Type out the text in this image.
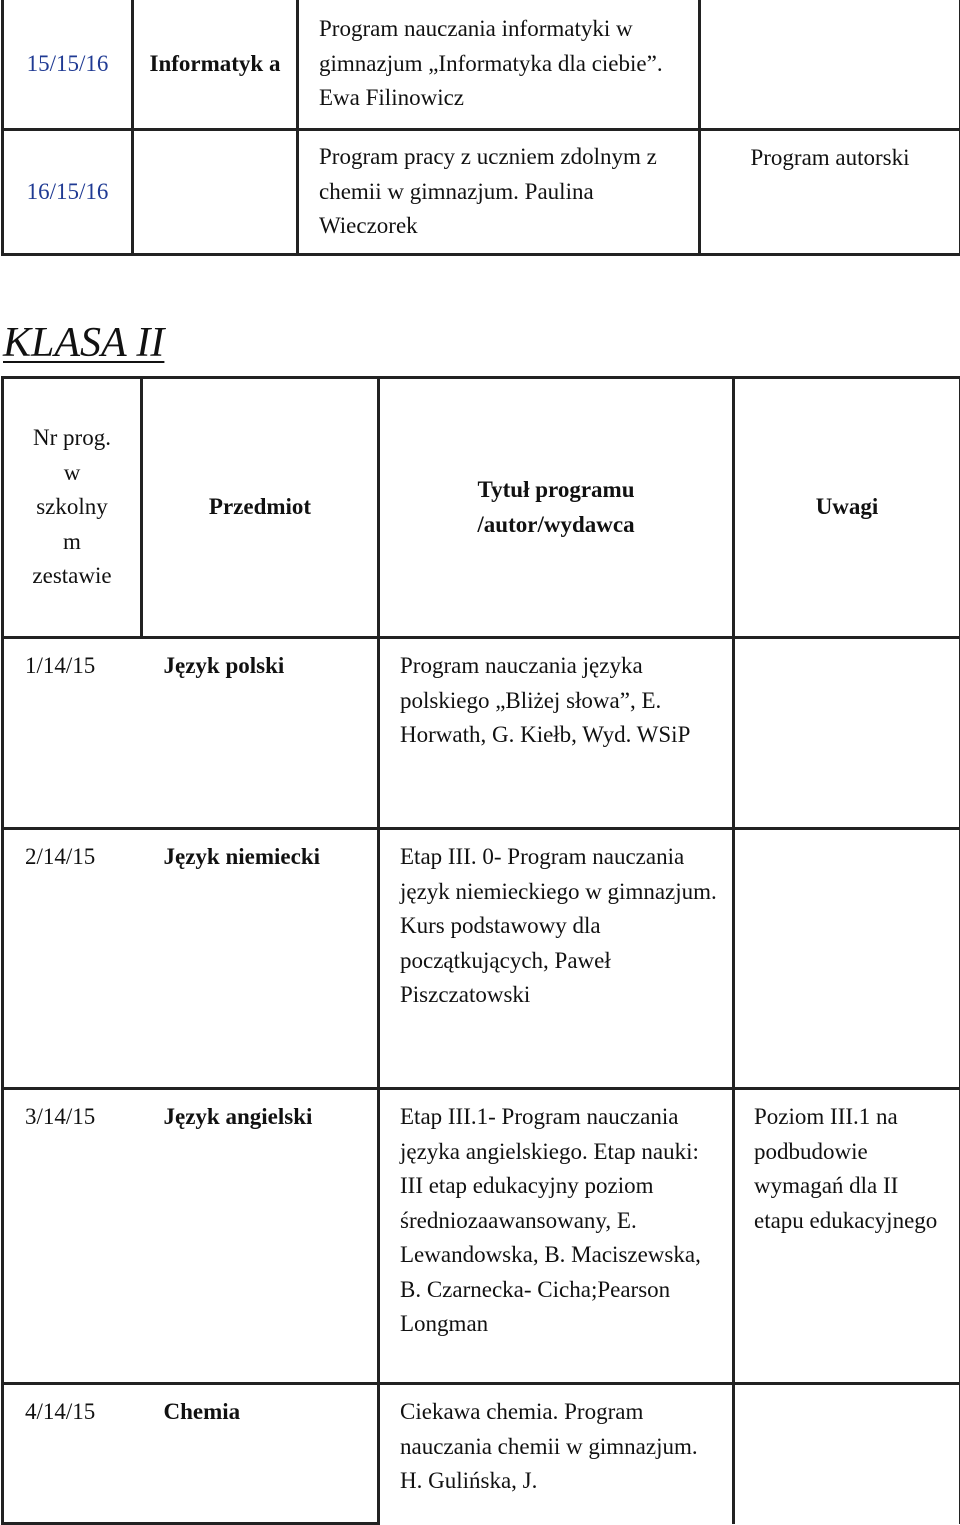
15/15/16	Informatyk a	Program nauczania informatyki w gimnazjum „Informatyka dla ciebie”. Ewa Filinowicz	
16/15/16		Program pracy z uczniem zdolnym z chemii w gimnazjum. Paulina Wieczorek	Program autorski
KLASA II
Nr prog. w szkolny m zestawie	Przedmiot	Tytuł programu /autor/wydawca	Uwagi

1/14/15	Język polski	Program nauczania języka polskiego „Bliżej słowa”, E. Horwath, G. Kiełb, Wyd. WSiP	

2/14/15	Język niemiecki	Etap III. 0- Program nauczania język niemieckiego w gimnazjum. Kurs podstawowy dla początkujących, Paweł Piszczatowski	

3/14/15	Język angielski	Etap III.1- Program nauczania języka angielskiego. Etap nauki: III etap edukacyjny poziom średniozaawansowany, E. Lewandowska, B. Maciszewska, B. Czarnecka- Cicha;Pearson Longman	Poziom III.1 na podbudowie wymagań dla II etapu edukacyjnego

4/14/15	Chemia	Ciekawa chemia. Program nauczania chemii w gimnazjum. H. Gulińska, J.	
